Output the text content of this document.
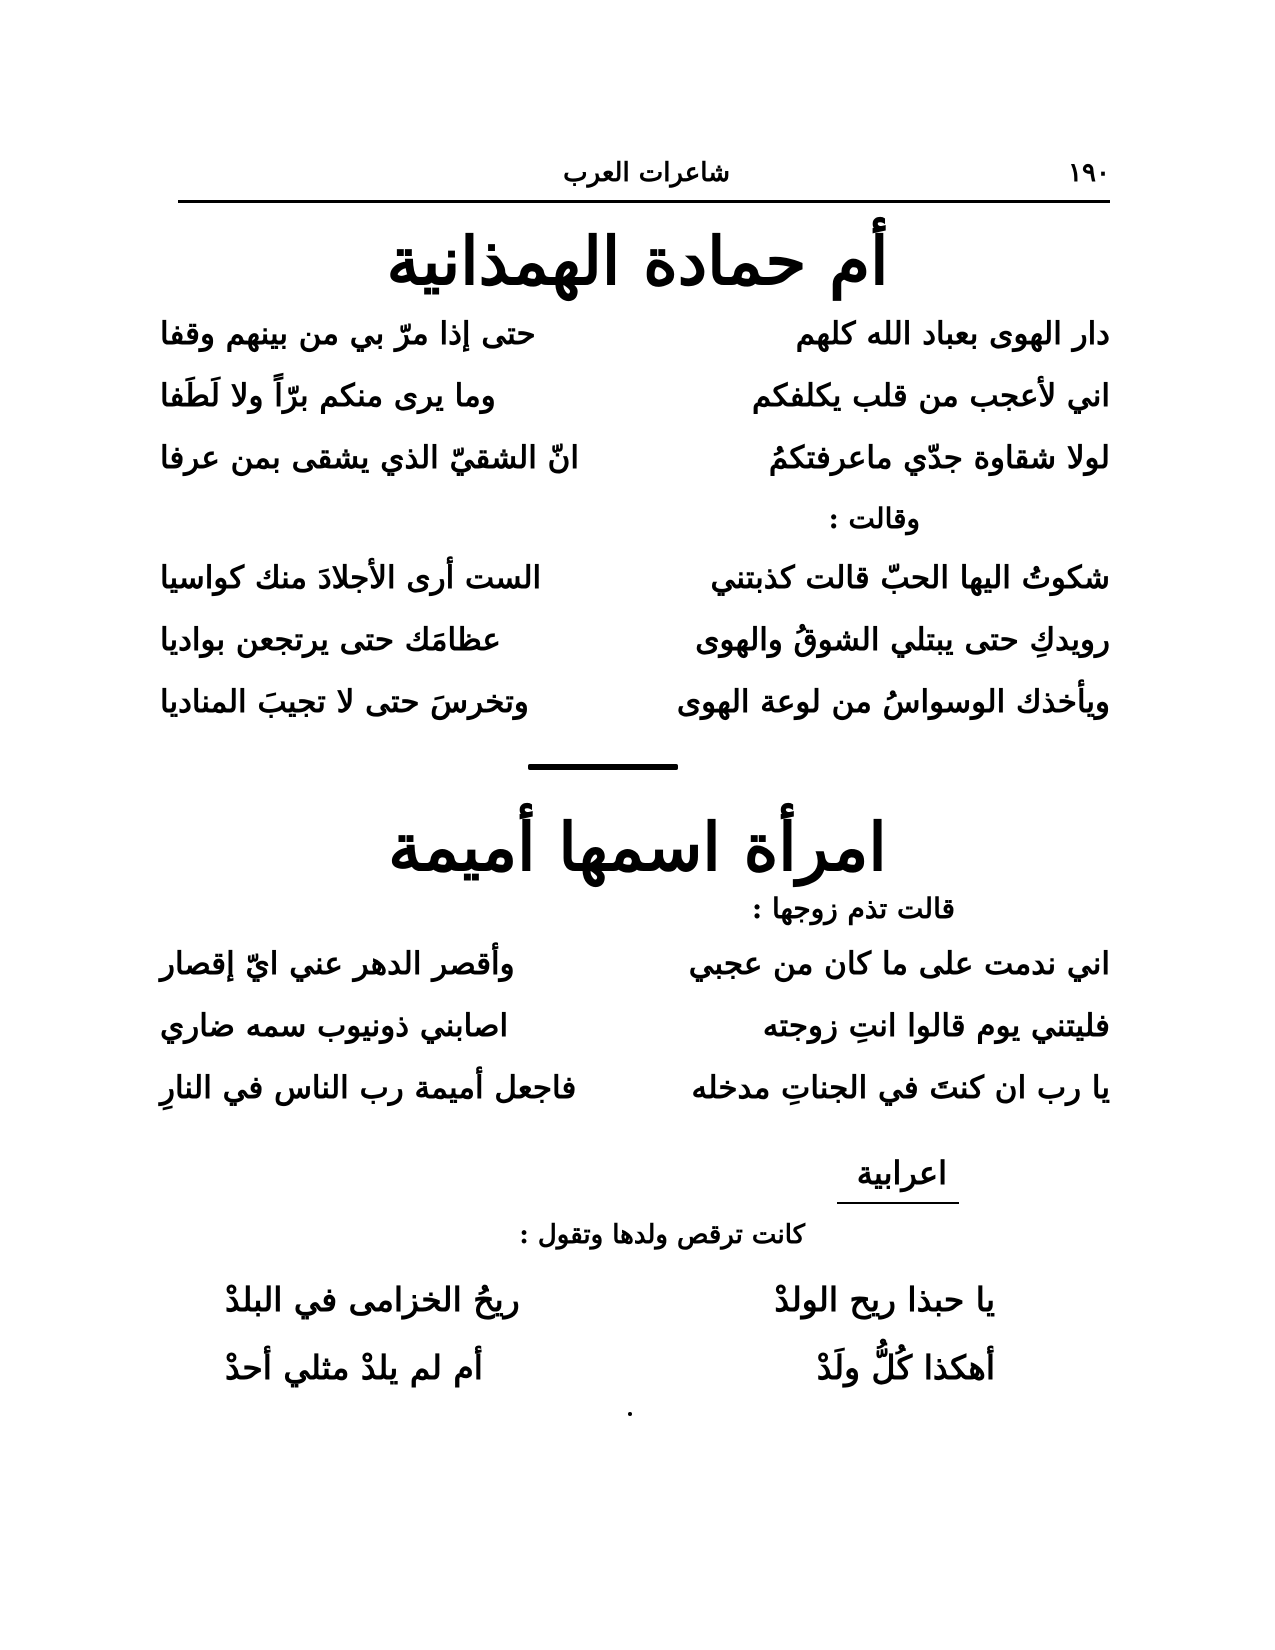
١٩٠
شاعرات العرب
أم حمادة الهمذانية
دار الهوى بعباد الله كلهم
حتى إذا مرّ بي من بينهم وقفا
اني لأعجب من قلب يكلفكم
وما يرى منكم برّاً ولا لَطَفا
لولا شقاوة جدّي ماعرفتكمُ
انّ الشقيّ الذي يشقى بمن عرفا
وقالت :
شكوتُ اليها الحبّ قالت كذبتني
الست أرى الأجلادَ منك كواسيا
رويدكِ حتى يبتلي الشوقُ والهوى
عظامَك حتى يرتجعن بواديا
ويأخذك الوسواسُ من لوعة الهوى
وتخرسَ حتى لا تجيبَ المناديا
امرأة اسمها أميمة
قالت تذم زوجها :
اني ندمت على ما كان من عجبي
وأقصر الدهر عني ايّ إقصار
فليتني يوم قالوا انتِ زوجته
اصابني ذونيوب سمه ضاري
يا رب ان كنتَ في الجناتِ مدخله
فاجعل أميمة رب الناس في النارِ
اعرابية
كانت ترقص ولدها وتقول :
يا حبذا ريح الولدْ
ريحُ الخزامى في البلدْ
أهكذا كُلُّ ولَدْ
أم لم يلدْ مثلي أحدْ
